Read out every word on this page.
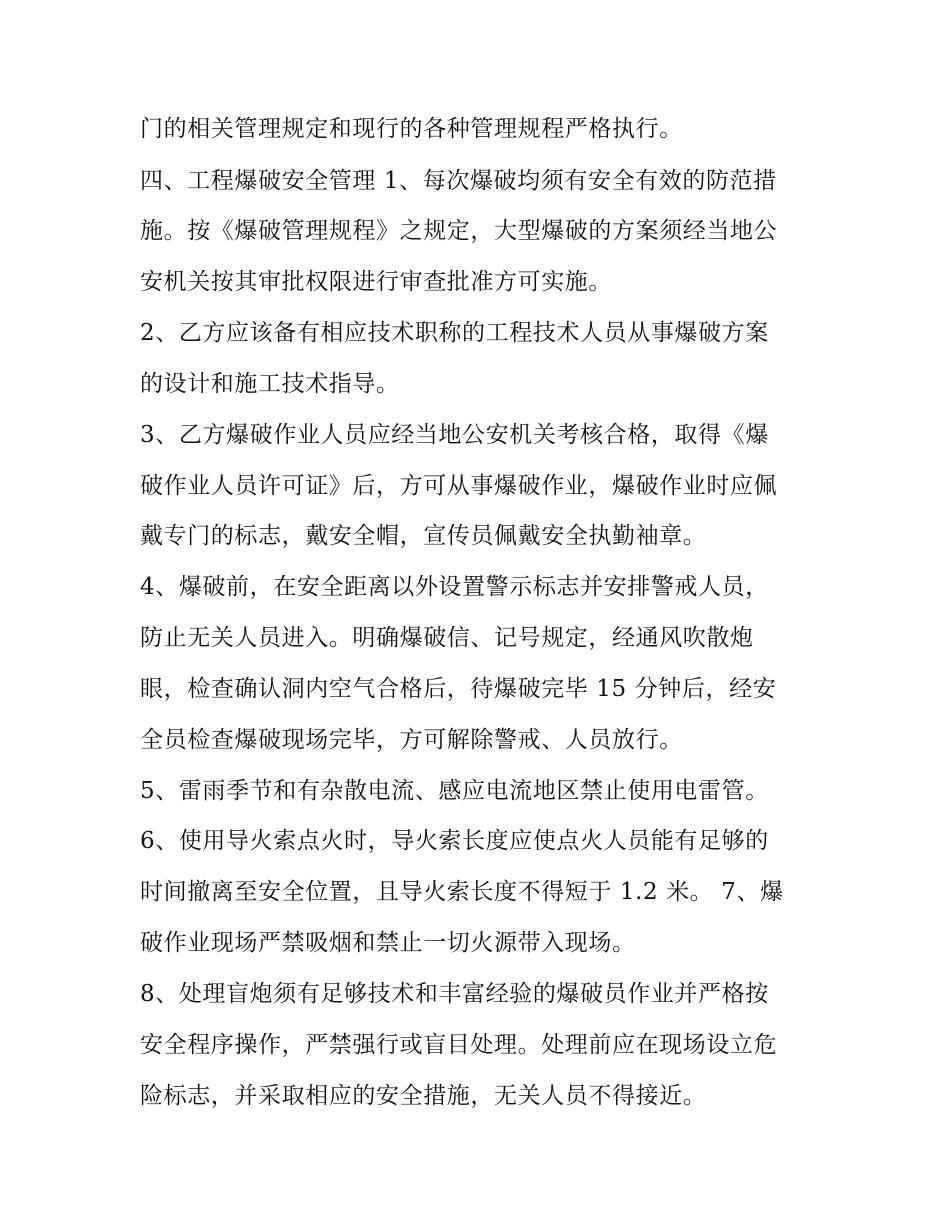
门的相关管理规定和现行的各种管理规程严格执行。
四、工程爆破安全管理 1、每次爆破均须有安全有效的防范措
施。按《爆破管理规程》之规定，大型爆破的方案须经当地公
安机关按其审批权限进行审查批准方可实施。
2、乙方应该备有相应技术职称的工程技术人员从事爆破方案
的设计和施工技术指导。
3、乙方爆破作业人员应经当地公安机关考核合格，取得《爆
破作业人员许可证》后，方可从事爆破作业，爆破作业时应佩
戴专门的标志，戴安全帽，宣传员佩戴安全执勤袖章。
4、爆破前，在安全距离以外设置警示标志并安排警戒人员，
防止无关人员进入。明确爆破信、记号规定，经通风吹散炮
眼，检查确认洞内空气合格后，待爆破完毕 15 分钟后，经安
全员检查爆破现场完毕，方可解除警戒、人员放行。
5、雷雨季节和有杂散电流、感应电流地区禁止使用电雷管。
6、使用导火索点火时，导火索长度应使点火人员能有足够的
时间撤离至安全位置，且导火索长度不得短于 1.2 米。 7、爆
破作业现场严禁吸烟和禁止一切火源带入现场。
8、处理盲炮须有足够技术和丰富经验的爆破员作业并严格按
安全程序操作，严禁强行或盲目处理。处理前应在现场设立危
险标志，并采取相应的安全措施，无关人员不得接近。
